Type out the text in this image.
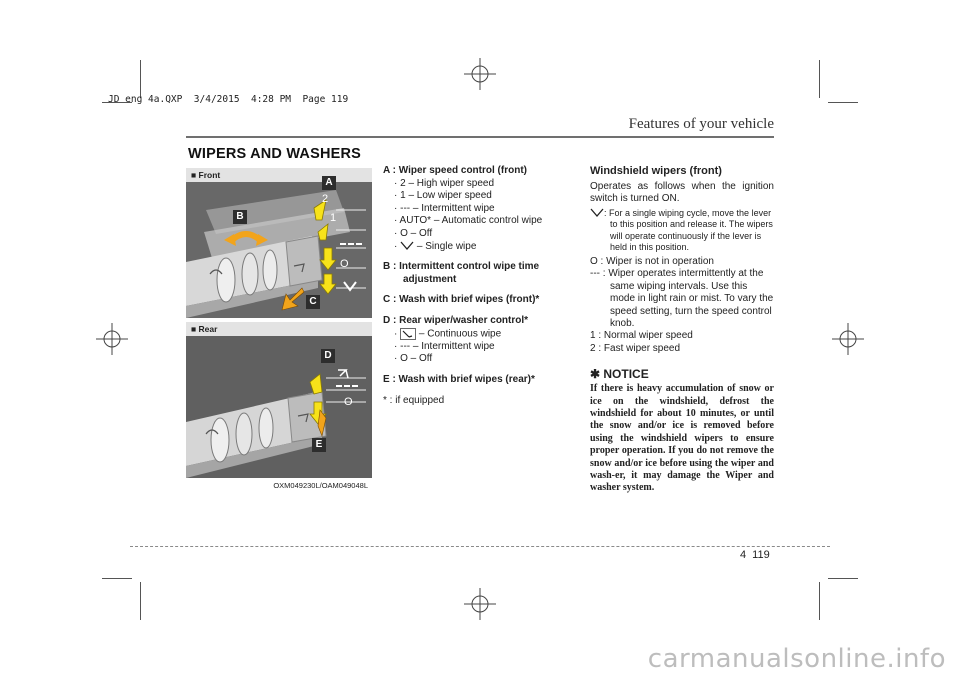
JD eng 4a.QXP  3/4/2015  4:28 PM  Page 119
Features of your vehicle
WIPERS AND WASHERS
■ Front
A
B
C
2
1
O
■ Rear
D
E
O
OXM049230L/OAM049048L
A : Wiper speed control (front)
· 2 – High wiper speed
· 1 – Low wiper speed
· --- – Intermittent wipe
· AUTO* – Automatic control wipe
· O – Off
· – Single wipe
B : Intermittent control wipe time
adjustment
C : Wash with brief wipes (front)*
D : Rear wiper/washer control*
· – Continuous wipe
· --- – Intermittent wipe
· O – Off
E : Wash with brief wipes (rear)*
* : if equipped
Windshield wipers (front)
Operates as follows when the ignition switch is turned ON.
: For a single wiping cycle, move the lever to this position and release it. The wipers will operate continuously if the lever is held in this position.
O : Wiper is not in operation
--- : Wiper operates intermittently at the same wiping intervals. Use this mode in light rain or mist. To vary the speed setting, turn the speed control knob.
1 : Normal wiper speed
2 : Fast wiper speed
✱ NOTICE
If there is heavy accumulation of snow or ice on the windshield, defrost the windshield for about 10 minutes, or until the snow and/or ice is removed before using the windshield wipers to ensure proper operation. If you do not remove the snow and/or ice before using the wiper and wash-er, it may damage the Wiper and washer system.
4 119
carmanualsonline.info
